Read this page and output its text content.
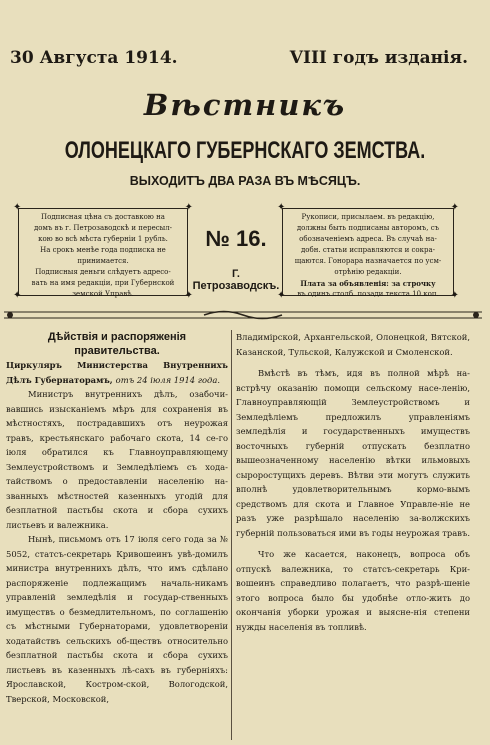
30 Августа 1914.	VIII годъ изданія.
Вѣстникъ
ОЛОНЕЦКАГО ГУБЕРНСКАГО ЗЕМСТВА.
ВЫХОДИТЪ ДВА РАЗА ВЪ МѢСЯЦЪ.
✦	✦
✦	✦

Подписная цѣна съ доставкою на

домъ въ г. Петрозаводскѣ и пересыл-

кою во всѣ мѣста губерніи 1 рубль.

На срокъ менѣе года подписка не

принимается.

Подписныя деньги слѣдуетъ адресо-

вать на имя редакціи, при Губернской

земской Управѣ.

№ 16.
Г. Петрозаводскъ.
✦	✦
✦	✦

Рукописи, присылаем. въ редакцію,

должны быть подписаны авторомъ, съ

обозначеніемъ адреса. Въ случаѣ на-

добн. статьи исправляются и сокра-

щаются. Гонорара назначается по усм-

отрѣнію редакціи.

Плата за объявленія: за строчку

въ одинъ столб. позади текста 10 коп.

Дѣйствія и распоряженія правительства.

Циркуляръ Министерства Внутреннихъ Дѣлъ Губернаторамъ, отъ 24 іюля 1914 года.

Министръ внутреннихъ дѣлъ, озабочи-вавшись изысканіемъ мѣръ для сохраненія въ мѣстностяхъ, пострадавшихъ отъ неурожая травъ, крестьянскаго рабочаго скота, 14 се-го іюля обратился къ Главноуправляющему Землеустройствомъ и Земледѣліемъ съ хода-тайствомъ о предоставленіи населенію на-званныхъ мѣстностей казенныхъ угодій для безплатной пастьбы скота и сбора сухихъ листьевъ и валежника.

Нынѣ, письмомъ отъ 17 іюля сего года за № 5052, статсъ-секретарь Кривошеинъ увѣ-домилъ министра внутреннихъ дѣлъ, что имъ сдѣлано распоряженіе подлежащимъ началь-никамъ управленій земледѣлія и государ-ственныхъ имуществъ о безмедлительномъ, по соглашенію съ мѣстными Губернаторами, удовлетвореніи ходатайствъ сельскихъ об-ществъ относительно безплатной пастьбы скота и сбора сухихъ листьевъ въ казенныхъ лѣ-сахъ въ губерніяхъ: Ярославской, Костром-ской, Вологодской, Тверской, Московской,

Владимірской, Архангельской, Олонецкой, Вятской, Казанской, Тульской, Калужской и Смоленской.

Вмѣстѣ въ тѣмъ, идя въ полной мѣрѣ на-встрѣчу оказанію помощи сельскому насе-ленію, Главноуправляющій Землеустройствомъ и Земледѣліемъ предложилъ управленіямъ земледѣлія и государственныхъ имуществъ восточныхъ губерній отпускать безплатно вышеозначенному населенію вѣтки ильмовыхъ сыроростущихъ деревъ. Вѣтви эти могутъ служить вполнѣ удовлетворительнымъ кормо-вымъ средствомъ для скота и Главное Управле-ніе не разъ уже разрѣшало населенію за-волжскихъ губерній пользоваться ими въ годы неурожая травъ.

Что же касается, наконецъ, вопроса объ отпускѣ валежника, то статсъ-секретарь Кри-вошеинъ справедливо полагаетъ, что разрѣ-шеніе этого вопроса было бы удобнѣе отло-жить до окончанія уборки урожая и выясне-нія степени нужды населенія въ топливѣ.
